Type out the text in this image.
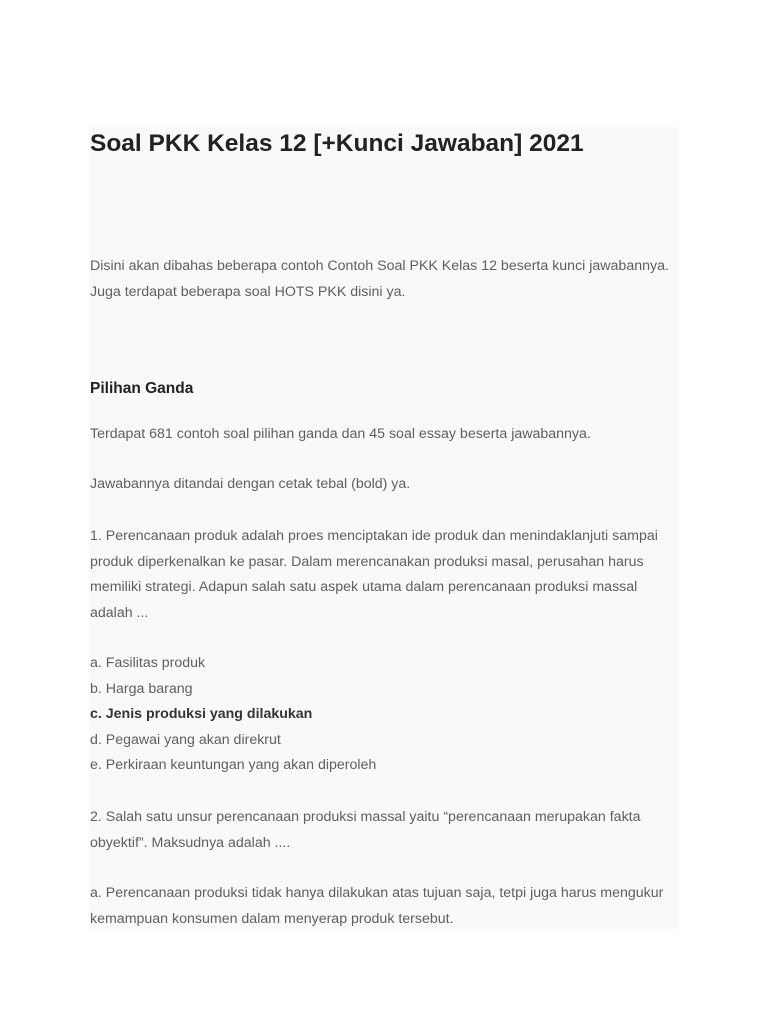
Soal PKK Kelas 12 [+Kunci Jawaban] 2021

Disini akan dibahas beberapa contoh Contoh Soal PKK Kelas 12 beserta kunci jawabannya. Juga terdapat beberapa soal HOTS PKK disini ya.

Pilihan Ganda

Terdapat 681 contoh soal pilihan ganda dan 45 soal essay beserta jawabannya.

Jawabannya ditandai dengan cetak tebal (bold) ya.

1. Perencanaan produk adalah proes menciptakan ide produk dan menindaklanjuti sampai produk diperkenalkan ke pasar. Dalam merencanakan produksi masal, perusahan harus memiliki strategi. Adapun salah satu aspek utama dalam perencanaan produksi massal adalah ...

a. Fasilitas produk
b. Harga barang
c. Jenis produksi yang dilakukan
d. Pegawai yang akan direkrut
e. Perkiraan keuntungan yang akan diperoleh

2. Salah satu unsur perencanaan produksi massal yaitu “perencanaan merupakan fakta obyektif”. Maksudnya adalah ....

a. Perencanaan produksi tidak hanya dilakukan atas tujuan saja, tetpi juga harus mengukur kemampuan konsumen dalam menyerap produk tersebut.
